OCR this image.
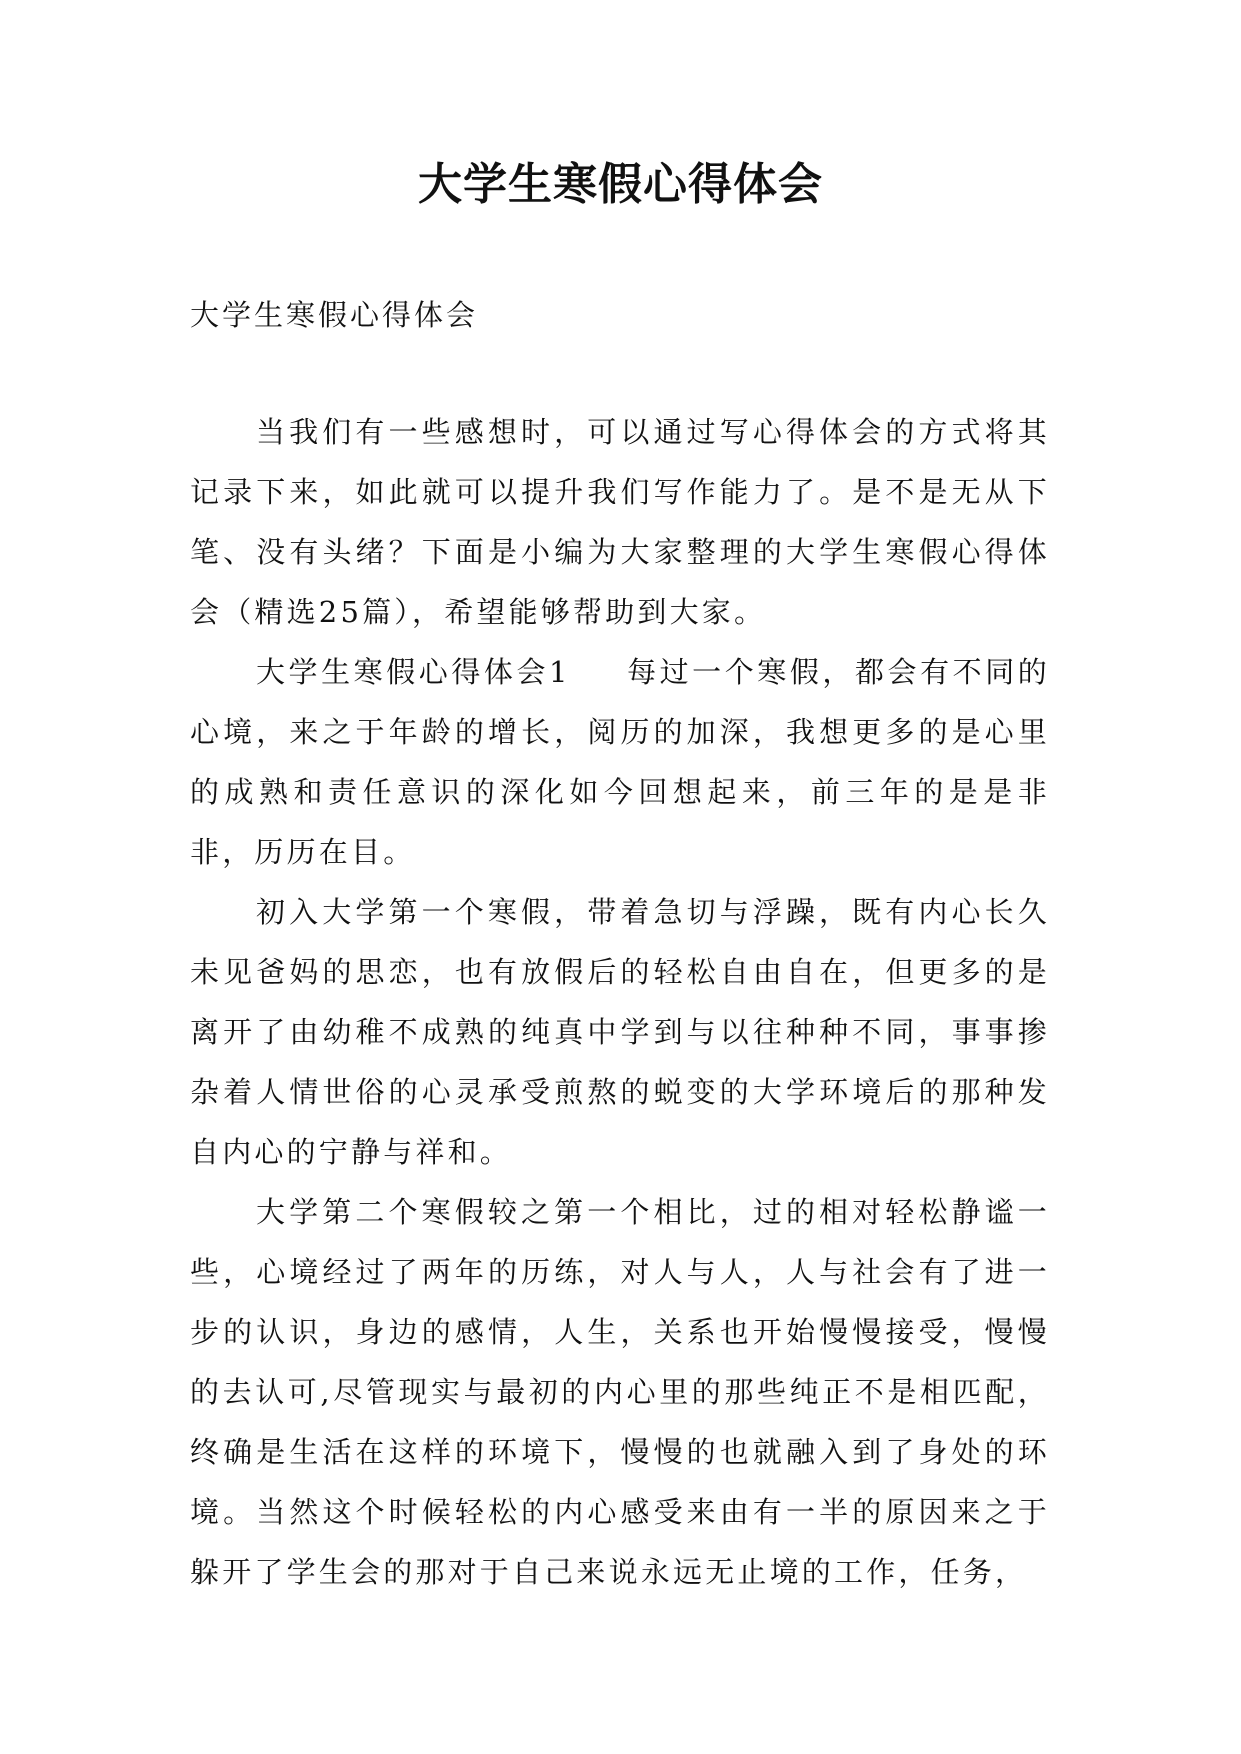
大学生寒假心得体会

大学生寒假心得体会

当我们有一些感想时，可以通过写心得体会的方式将其记录下来，如此就可以提升我们写作能力了。是不是无从下笔、没有头绪？下面是小编为大家整理的大学生寒假心得体会（精选25篇），希望能够帮助到大家。

大学生寒假心得体会1 每过一个寒假，都会有不同的心境，来之于年龄的增长，阅历的加深，我想更多的是心里的成熟和责任意识的深化如今回想起来，前三年的是是非非，历历在目。

初入大学第一个寒假，带着急切与浮躁，既有内心长久未见爸妈的思恋，也有放假后的轻松自由自在，但更多的是离开了由幼稚不成熟的纯真中学到与以往种种不同，事事掺杂着人情世俗的心灵承受煎熬的蜕变的大学环境后的那种发自内心的宁静与祥和。

大学第二个寒假较之第一个相比，过的相对轻松静谧一些，心境经过了两年的历练，对人与人，人与社会有了进一步的认识，身边的感情，人生，关系也开始慢慢接受，慢慢的去认可,尽管现实与最初的内心里的那些纯正不是相匹配，终确是生活在这样的环境下，慢慢的也就融入到了身处的环境。当然这个时候轻松的内心感受来由有一半的原因来之于躲开了学生会的那对于自己来说永远无止境的工作，任务，
